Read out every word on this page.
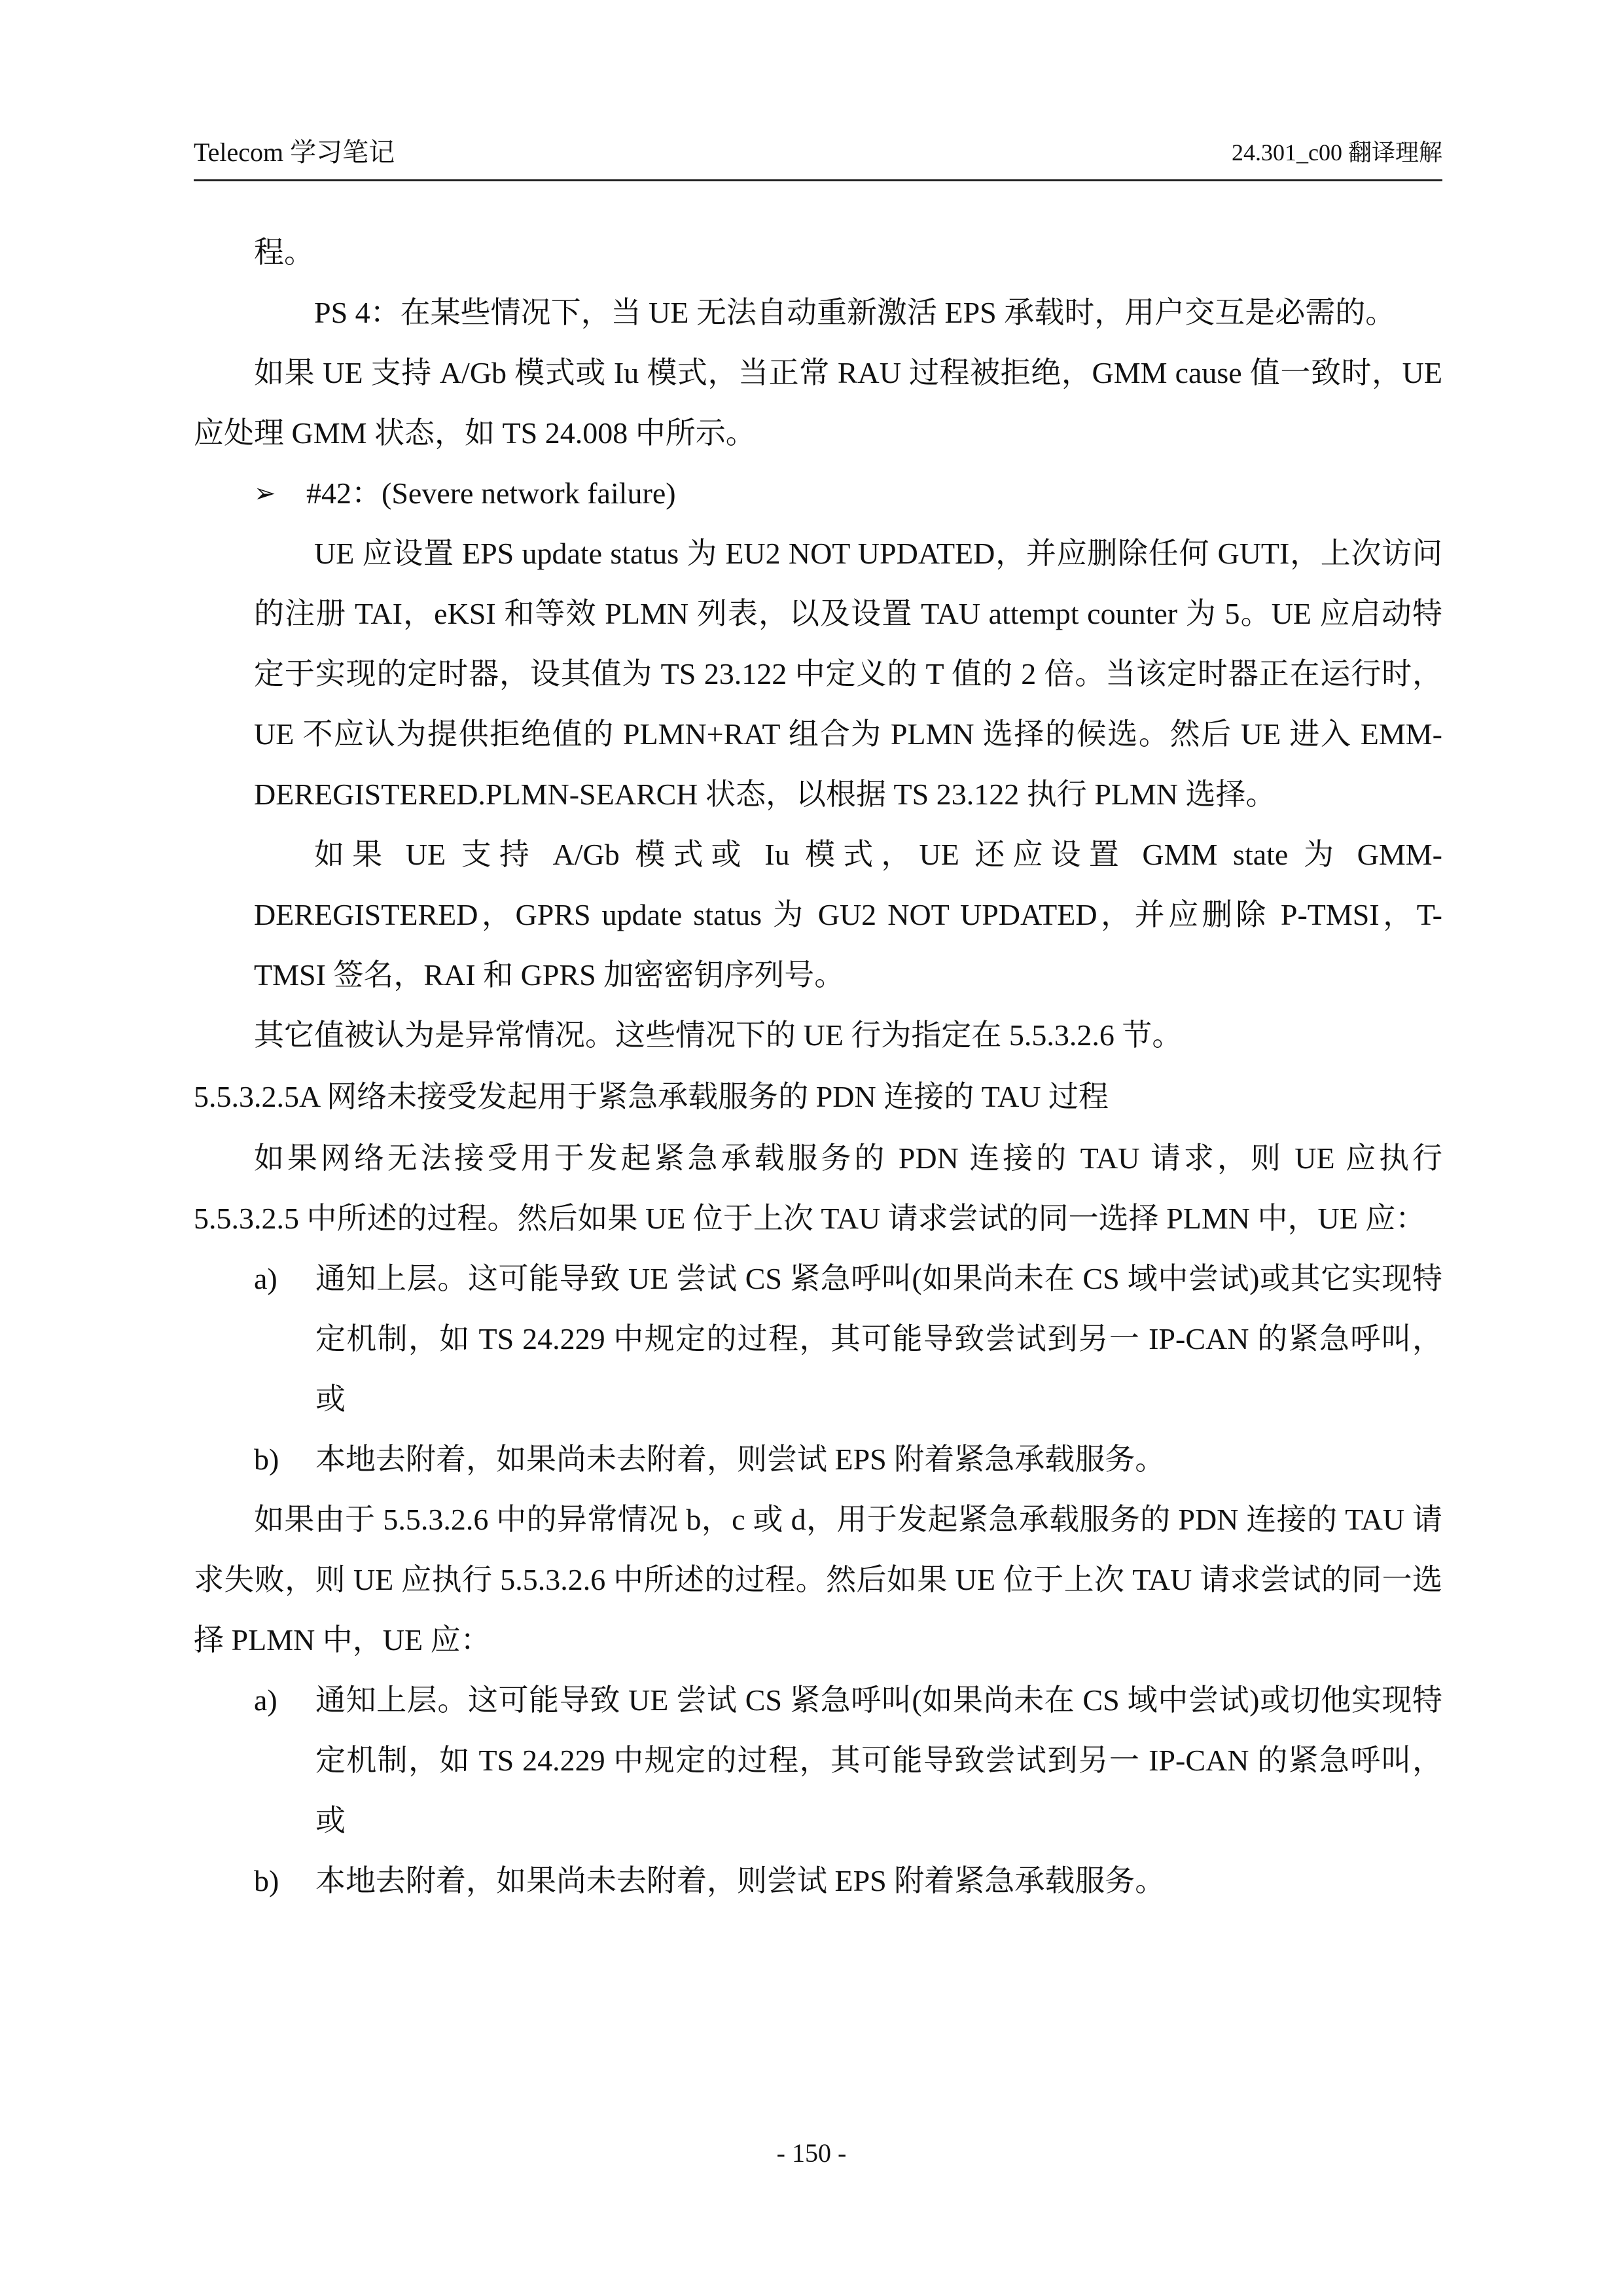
Telecom 学习笔记	24.301_c00 翻译理解

程。

PS 4：在某些情况下，当 UE 无法自动重新激活 EPS 承载时，用户交互是必需的。

如果 UE 支持 A/Gb 模式或 Iu 模式，当正常 RAU 过程被拒绝，GMM cause 值一致时，UE 应处理 GMM 状态，如 TS 24.008 中所示。

➢	#42：(Severe network failure)

UE 应设置 EPS update status 为 EU2 NOT UPDATED，并应删除任何 GUTI，上次访问的注册 TAI，eKSI 和等效 PLMN 列表，以及设置 TAU attempt counter 为 5。UE 应启动特定于实现的定时器，设其值为 TS 23.122 中定义的 T 值的 2 倍。当该定时器正在运行时，UE 不应认为提供拒绝值的 PLMN+RAT 组合为 PLMN 选择的候选。然后 UE 进入 EMM-DEREGISTERED.PLMN-SEARCH 状态，以根据 TS 23.122 执行 PLMN 选择。

如果 UE 支持 A/Gb 模式或 Iu 模式，UE 还应设置 GMM state 为 GMM-DEREGISTERED，GPRS update status 为 GU2 NOT UPDATED，并应删除 P-TMSI，T-TMSI 签名，RAI 和 GPRS 加密密钥序列号。

其它值被认为是异常情况。这些情况下的 UE 行为指定在 5.5.3.2.6 节。

5.5.3.2.5A 网络未接受发起用于紧急承载服务的 PDN 连接的 TAU 过程

如果网络无法接受用于发起紧急承载服务的 PDN 连接的 TAU 请求，则 UE 应执行 5.5.3.2.5 中所述的过程。然后如果 UE 位于上次 TAU 请求尝试的同一选择 PLMN 中，UE 应：

a)	通知上层。这可能导致 UE 尝试 CS 紧急呼叫(如果尚未在 CS 域中尝试)或其它实现特定机制，如 TS 24.229 中规定的过程，其可能导致尝试到另一 IP-CAN 的紧急呼叫，或
b)	本地去附着，如果尚未去附着，则尝试 EPS 附着紧急承载服务。

如果由于 5.5.3.2.6 中的异常情况 b，c 或 d，用于发起紧急承载服务的 PDN 连接的 TAU 请求失败，则 UE 应执行 5.5.3.2.6 中所述的过程。然后如果 UE 位于上次 TAU 请求尝试的同一选择 PLMN 中，UE 应：

a)	通知上层。这可能导致 UE 尝试 CS 紧急呼叫(如果尚未在 CS 域中尝试)或切他实现特定机制，如 TS 24.229 中规定的过程，其可能导致尝试到另一 IP-CAN 的紧急呼叫，或
b)	本地去附着，如果尚未去附着，则尝试 EPS 附着紧急承载服务。
- 150 -
